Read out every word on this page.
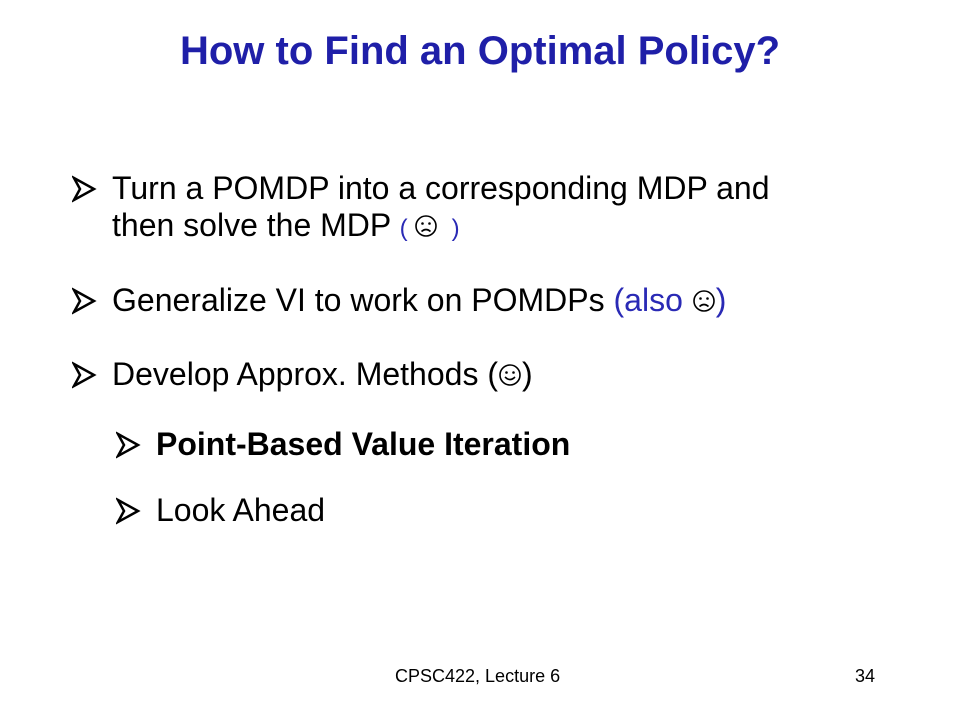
How to Find an Optimal Policy?
Turn a POMDP into a corresponding MDP and
then solve the MDP ( )
Generalize VI to work on POMDPs (also )
Develop Approx. Methods ( )
Point-Based Value Iteration
Look Ahead
CPSC422, Lecture 6	34
